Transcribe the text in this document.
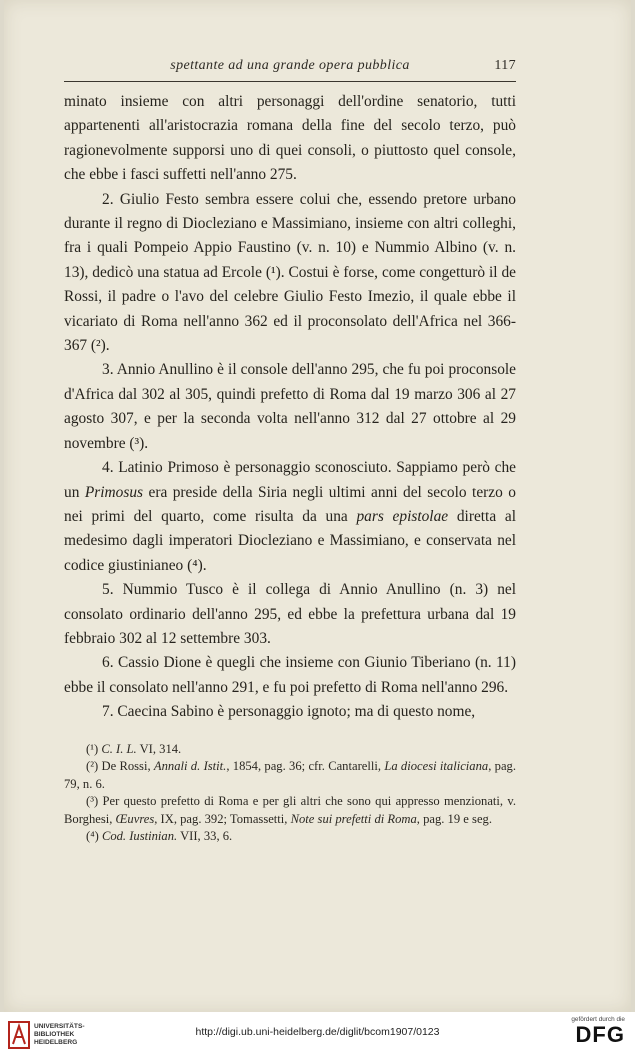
spettante ad una grande opera pubblica	117

minato insieme con altri personaggi dell'ordine senatorio, tutti appartenenti all'aristocrazia romana della fine del secolo terzo, può ragionevolmente supporsi uno di quei consoli, o piuttosto quel console, che ebbe i fasci suffetti nell'anno 275.

2. Giulio Festo sembra essere colui che, essendo pretore urbano durante il regno di Diocleziano e Massimiano, insieme con altri colleghi, fra i quali Pompeio Appio Faustino (v. n. 10) e Nummio Albino (v. n. 13), dedicò una statua ad Ercole (¹). Costui è forse, come congetturò il de Rossi, il padre o l'avo del celebre Giulio Festo Imezio, il quale ebbe il vicariato di Roma nell'anno 362 ed il proconsolato dell'Africa nel 366-367 (²).

3. Annio Anullino è il console dell'anno 295, che fu poi proconsole d'Africa dal 302 al 305, quindi prefetto di Roma dal 19 marzo 306 al 27 agosto 307, e per la seconda volta nell'anno 312 dal 27 ottobre al 29 novembre (³).

4. Latinio Primoso è personaggio sconosciuto. Sappiamo però che un Primosus era preside della Siria negli ultimi anni del secolo terzo o nei primi del quarto, come risulta da una pars epistolae diretta al medesimo dagli imperatori Diocleziano e Massimiano, e conservata nel codice giustinianeo (⁴).

5. Nummio Tusco è il collega di Annio Anullino (n. 3) nel consolato ordinario dell'anno 295, ed ebbe la prefettura urbana dal 19 febbraio 302 al 12 settembre 303.

6. Cassio Dione è quegli che insieme con Giunio Tiberiano (n. 11) ebbe il consolato nell'anno 291, e fu poi prefetto di Roma nell'anno 296.

7. Caecina Sabino è personaggio ignoto; ma di questo nome,

(¹) C. I. L. VI, 314.

(²) De Rossi, Annali d. Istit., 1854, pag. 36; cfr. Cantarelli, La diocesi italiciana, pag. 79, n. 6.

(³) Per questo prefetto di Roma e per gli altri che sono qui appresso menzionati, v. Borghesi, Œuvres, IX, pag. 392; Tomassetti, Note sui prefetti di Roma, pag. 19 e seg.

(⁴) Cod. Iustinian. VII, 33, 6.

UNIVERSITÄTS-
BIBLIOTHEK
HEIDELBERG
http://digi.ub.uni-heidelberg.de/diglit/bcom1907/0123
gefördert durch die
DFG
